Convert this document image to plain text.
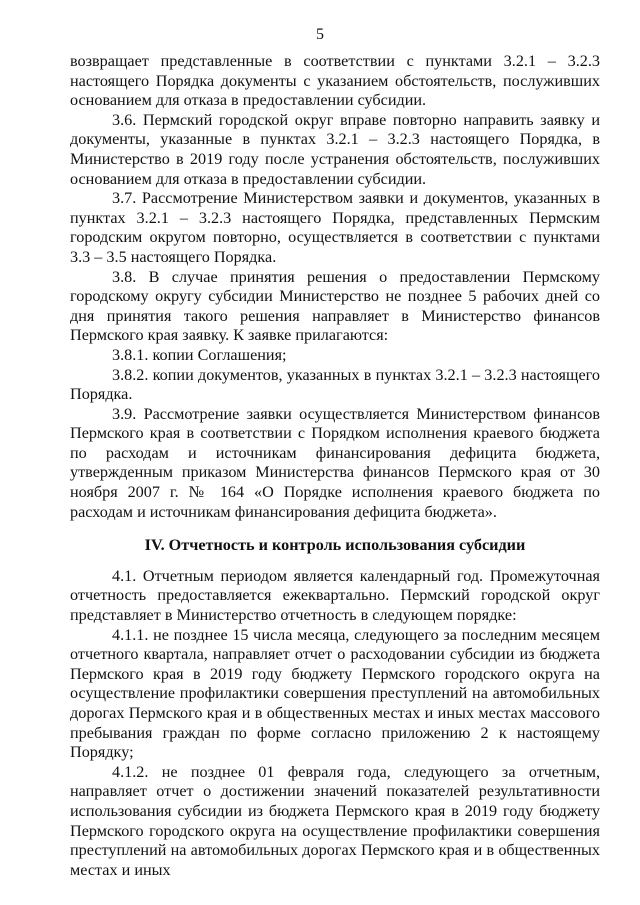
5

возвращает представленные в соответствии с пунктами 3.2.1 – 3.2.3 настоящего Порядка документы с указанием обстоятельств, послуживших основанием для отказа в предоставлении субсидии.

3.6. Пермский городской округ вправе повторно направить заявку и документы, указанные в пунктах 3.2.1 – 3.2.3 настоящего Порядка, в Министерство в 2019 году после устранения обстоятельств, послуживших основанием для отказа в предоставлении субсидии.

3.7. Рассмотрение Министерством заявки и документов, указанных в пунктах 3.2.1 – 3.2.3 настоящего Порядка, представленных Пермским городским округом повторно, осуществляется в соответствии с пунктами 3.3 – 3.5 настоящего Порядка.

3.8. В случае принятия решения о предоставлении Пермскому городскому округу субсидии Министерство не позднее 5 рабочих дней со дня принятия такого решения направляет в Министерство финансов Пермского края заявку. К заявке прилагаются:

3.8.1. копии Соглашения;

3.8.2. копии документов, указанных в пунктах 3.2.1 – 3.2.3 настоящего Порядка.

3.9. Рассмотрение заявки осуществляется Министерством финансов Пермского края в соответствии с Порядком исполнения краевого бюджета по расходам и источникам финансирования дефицита бюджета, утвержденным приказом Министерства финансов Пермского края от 30 ноября 2007 г. № 164 «О Порядке исполнения краевого бюджета по расходам и источникам финансирования дефицита бюджета».

IV. Отчетность и контроль использования субсидии

4.1. Отчетным периодом является календарный год. Промежуточная отчетность предоставляется ежеквартально. Пермский городской округ представляет в Министерство отчетность в следующем порядке:

4.1.1. не позднее 15 числа месяца, следующего за последним месяцем отчетного квартала, направляет отчет о расходовании субсидии из бюджета Пермского края в 2019 году бюджету Пермского городского округа на осуществление профилактики совершения преступлений на автомобильных дорогах Пермского края и в общественных местах и иных местах массового пребывания граждан по форме согласно приложению 2 к настоящему Порядку;

4.1.2. не позднее 01 февраля года, следующего за отчетным, направляет отчет о достижении значений показателей результативности использования субсидии из бюджета Пермского края в 2019 году бюджету Пермского городского округа на осуществление профилактики совершения преступлений на автомобильных дорогах Пермского края и в общественных местах и иных
